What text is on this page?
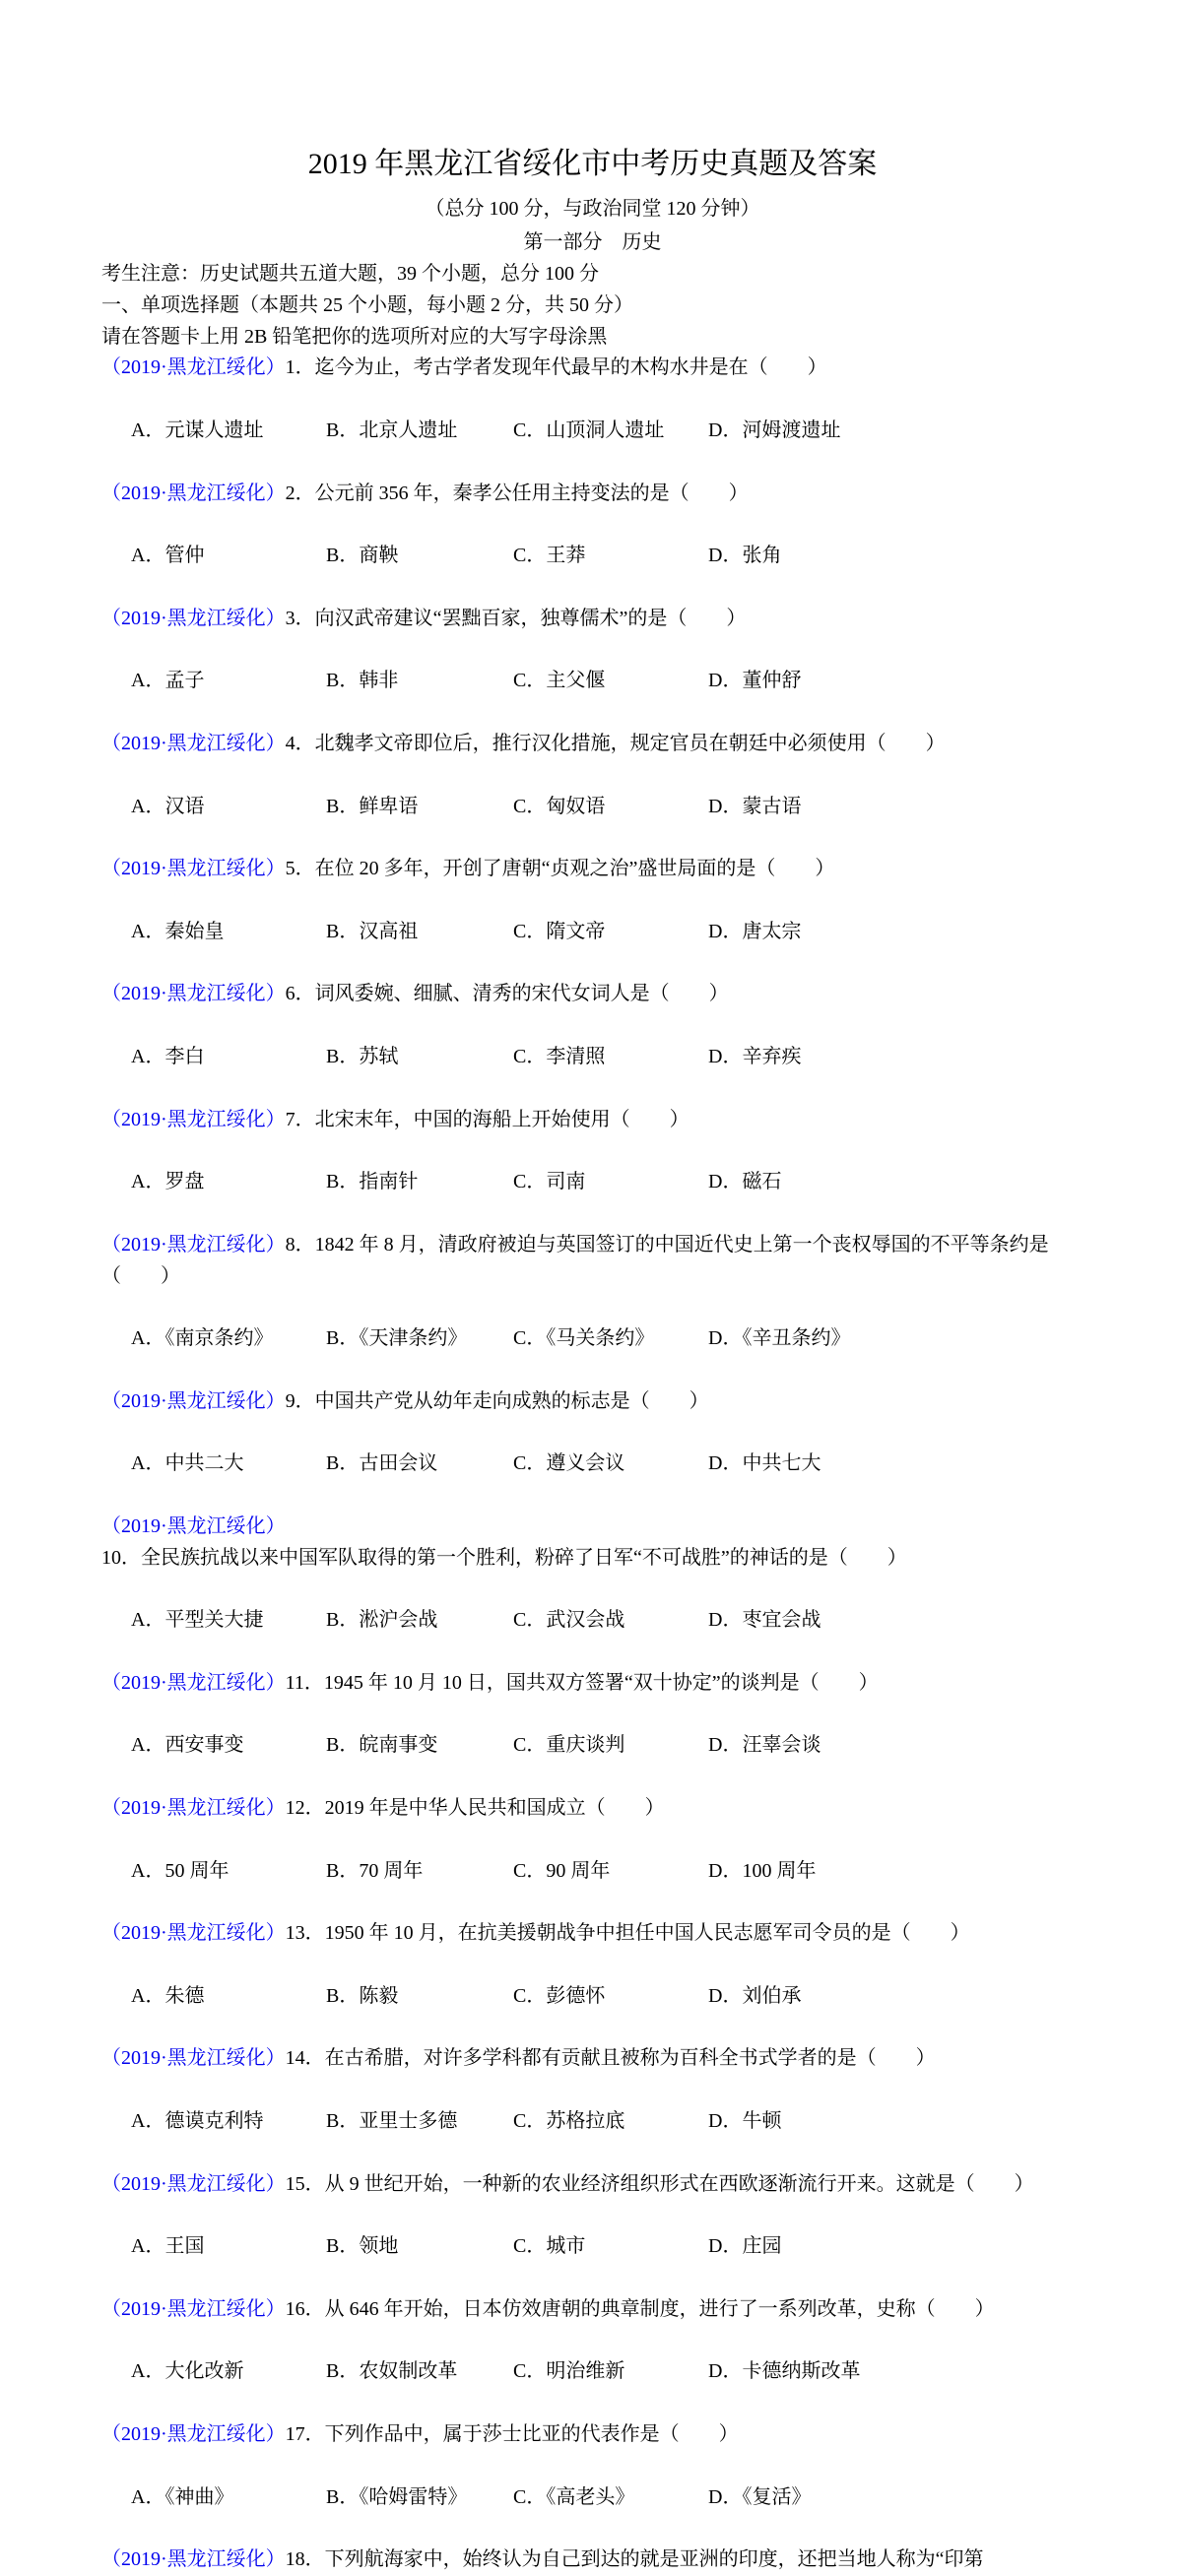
2019 年黑龙江省绥化市中考历史真题及答案
（总分 100 分，与政治同堂 120 分钟）
第一部分　历史
考生注意：历史试题共五道大题，39 个小题，总分 100 分
一、单项选择题（本题共 25 个小题，每小题 2 分，共 50 分）
请在答题卡上用 2B 铅笔把你的选项所对应的大写字母涂黑
（2019·黑龙江绥化）1．迄今为止，考古学者发现年代最早的木构水井是在（　　）

A．元谋人遗址	B．北京人遗址	C．山顶洞人遗址 D．河姆渡遗址

（2019·黑龙江绥化）2．公元前 356 年，秦孝公任用主持变法的是（　　）

A．管仲	B．商鞅	C．王莽	D．张角

（2019·黑龙江绥化）3．向汉武帝建议“罢黜百家，独尊儒术”的是（　　）

A．孟子	B．韩非	C．主父偃	D．董仲舒

（2019·黑龙江绥化）4．北魏孝文帝即位后，推行汉化措施，规定官员在朝廷中必须使用（　　）

A．汉语	B．鲜卑语	C．匈奴语	D．蒙古语

（2019·黑龙江绥化）5．在位 20 多年，开创了唐朝“贞观之治”盛世局面的是（　　）

A．秦始皇	B．汉高祖	C．隋文帝	D．唐太宗

（2019·黑龙江绥化）6．词风委婉、细腻、清秀的宋代女词人是（　　）

A．李白	B．苏轼	C．李清照	D．辛弃疾

（2019·黑龙江绥化）7．北宋末年，中国的海船上开始使用（　　）

A．罗盘	B．指南针	C．司南	D．磁石

（2019·黑龙江绥化）8．1842 年 8 月，清政府被迫与英国签订的中国近代史上第一个丧权辱国的不平等条约是（　　）

A．《南京条约》	B．《天津条约》 C．《马关条约》	D．《辛丑条约》

（2019·黑龙江绥化）9．中国共产党从幼年走向成熟的标志是（　　）

A．中共二大	B．古田会议	C．遵义会议	D．中共七大

（2019·黑龙江绥化）10．全民族抗战以来中国军队取得的第一个胜利，粉碎了日军“不可战胜”的神话的是（　　）

A．平型关大捷	B．淞沪会战	C．武汉会战	D．枣宜会战

（2019·黑龙江绥化）11．1945 年 10 月 10 日，国共双方签署“双十协定”的谈判是（　　）

A．西安事变	B．皖南事变	C．重庆谈判	D．汪辜会谈

（2019·黑龙江绥化）12．2019 年是中华人民共和国成立（　　）

A．50 周年	B．70 周年	C．90 周年	D．100 周年

（2019·黑龙江绥化）13．1950 年 10 月，在抗美援朝战争中担任中国人民志愿军司令员的是（　　）

A．朱德	B．陈毅	C．彭德怀	D．刘伯承

（2019·黑龙江绥化）14．在古希腊，对许多学科都有贡献且被称为百科全书式学者的是（　　）

A．德谟克利特	B．亚里士多德	C．苏格拉底	D．牛顿

（2019·黑龙江绥化）15．从 9 世纪开始，一种新的农业经济组织形式在西欧逐渐流行开来。这就是（　　）

A．王国	B．领地	C．城市	D．庄园

（2019·黑龙江绥化）16．从 646 年开始，日本仿效唐朝的典章制度，进行了一系列改革，史称（　　）

A．大化改新	B．农奴制改革	C．明治维新	D．卡德纳斯改革

（2019·黑龙江绥化）17．下列作品中，属于莎士比亚的代表作是（　　）

A．《神曲》	B．《哈姆雷特》 C．《高老头》	D．《复活》

（2019·黑龙江绥化）18．下列航海家中，始终认为自己到达的就是亚洲的印度，还把当地人称为“印第
